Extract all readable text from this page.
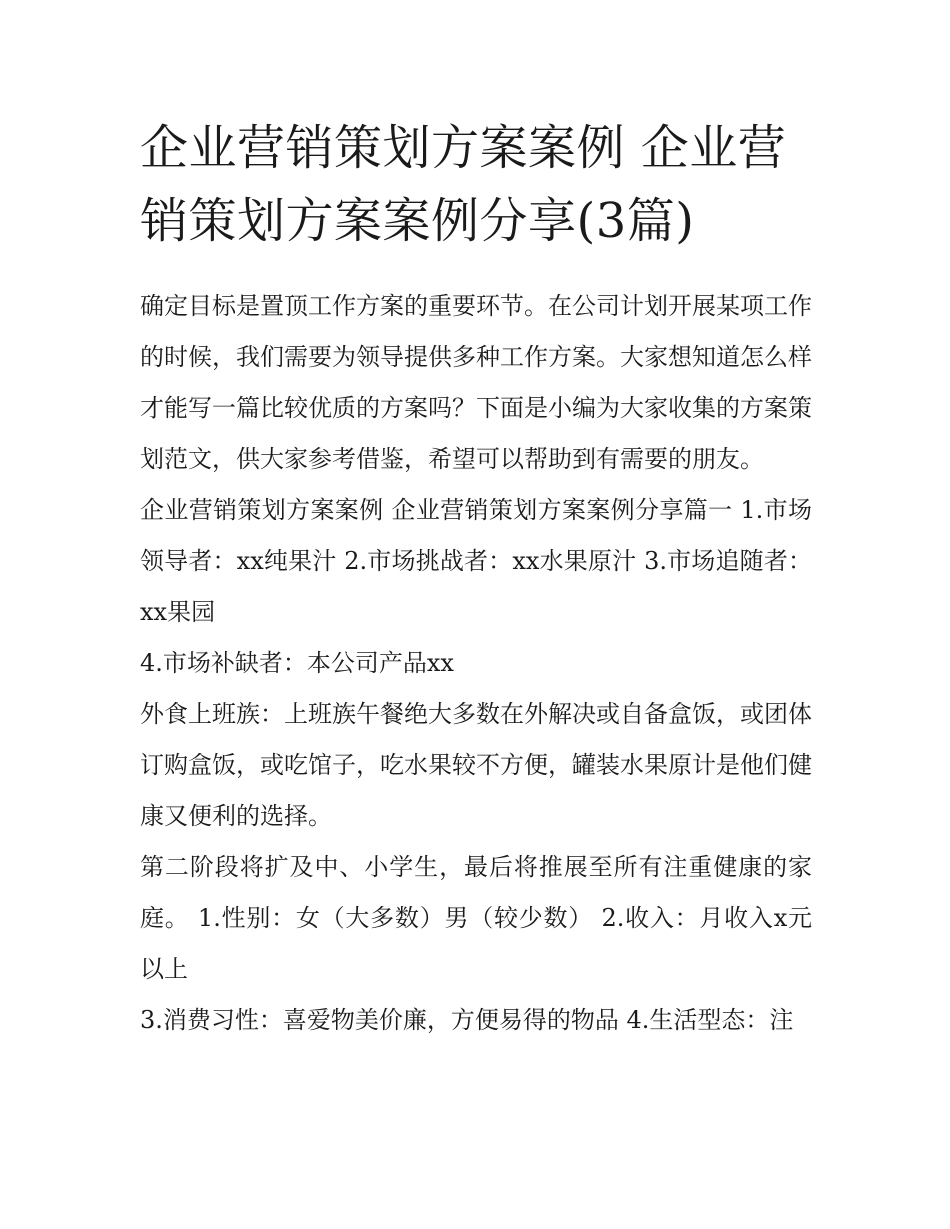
企业营销策划方案案例 企业营销策划方案案例分享(3篇)

确定目标是置顶工作方案的重要环节。在公司计划开展某项工作的时候，我们需要为领导提供多种工作方案。大家想知道怎么样才能写一篇比较优质的方案吗？下面是小编为大家收集的方案策划范文，供大家参考借鉴，希望可以帮助到有需要的朋友。

企业营销策划方案案例 企业营销策划方案案例分享篇一 1.市场领导者：xx纯果汁 2.市场挑战者：xx水果原汁 3.市场追随者：xx果园

4.市场补缺者：本公司产品xx

外食上班族：上班族午餐绝大多数在外解决或自备盒饭，或团体订购盒饭，或吃馆子，吃水果较不方便，罐装水果原计是他们健康又便利的选择。

第二阶段将扩及中、小学生，最后将推展至所有注重健康的家庭。 1.性别：女（大多数）男（较少数） 2.收入：月收入x元以上

3.消费习性：喜爱物美价廉，方便易得的物品 4.生活型态：注
